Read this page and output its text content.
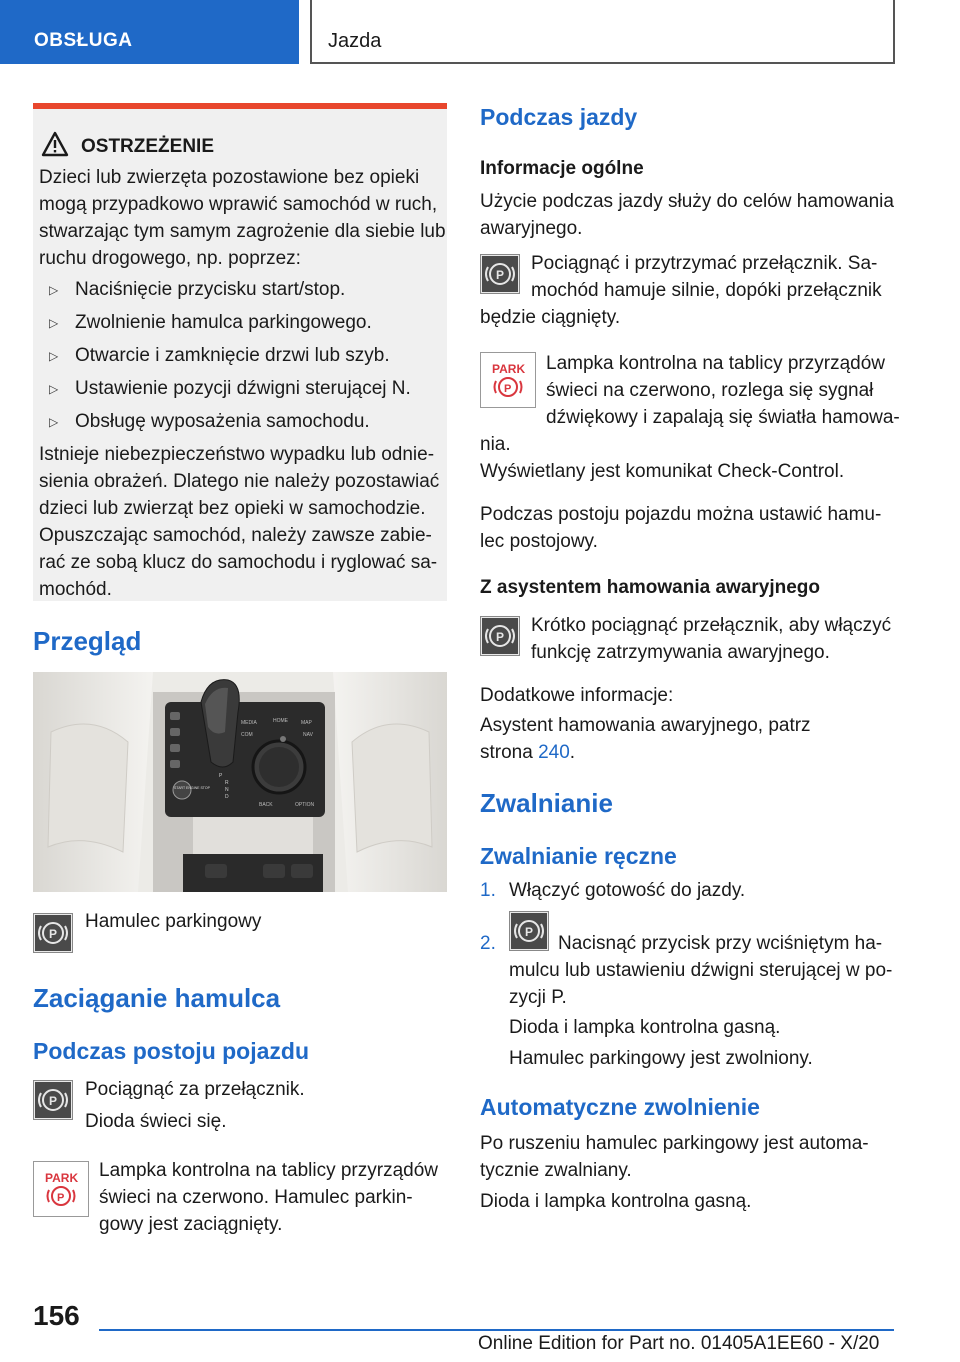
OBSŁUGA	Jazda
OSTRZEŻENIE
Dzieci lub zwierzęta pozostawione bez opieki
mogą przypadkowo wprawić samochód w ruch,
stwarzając tym samym zagrożenie dla siebie lub
ruchu drogowego, np. poprzez:
▷ Naciśnięcie przycisku start/stop.
▷ Zwolnienie hamulca parkingowego.
▷ Otwarcie i zamknięcie drzwi lub szyb.
▷ Ustawienie pozycji dźwigni sterującej N.
▷ Obsługę wyposażenia samochodu.
Istnieje niebezpieczeństwo wypadku lub odnie-
sienia obrażeń. Dlatego nie należy pozostawiać
dzieci lub zwierząt bez opieki w samochodzie.
Opuszczając samochód, należy zawsze zabie-
rać ze sobą klucz do samochodu i ryglować sa-
mochód.
Przegląd
MEDIA	HOME	MAP
COM	NAV
BACK	OPTION
START ENGINE STOP
P
R
N
D
P
Hamulec parkingowy
Zaciąganie hamulca
Podczas postoju pojazdu
P
Pociągnąć za przełącznik.
Dioda świeci się.
PARK
P
Lampka kontrolna na tablicy przyrządów
świeci na czerwono. Hamulec parkin-
gowy jest zaciągnięty.
Podczas jazdy
Informacje ogólne
Użycie podczas jazdy służy do celów hamowania
awaryjnego.
P
Pociągnąć i przytrzymać przełącznik. Sa-
mochód hamuje silnie, dopóki przełącznik
będzie ciągnięty.
PARK
P
Lampka kontrolna na tablicy przyrządów
świeci na czerwono, rozlega się sygnał
dźwiękowy i zapalają się światła hamowa-
nia.
Wyświetlany jest komunikat Check-Control.
Podczas postoju pojazdu można ustawić hamu-
lec postojowy.
Z asystentem hamowania awaryjnego
P
Krótko pociągnąć przełącznik, aby włączyć
funkcję zatrzymywania awaryjnego.
Dodatkowe informacje:
Asystent hamowania awaryjnego, patrz
strona 240.
Zwalnianie
Zwalnianie ręczne
1. Włączyć gotowość do jazdy.
2.
P
Nacisnąć przycisk przy wciśniętym ha-
mulcu lub ustawieniu dźwigni sterującej w po-
zycji P.
Dioda i lampka kontrolna gasną.
Hamulec parkingowy jest zwolniony.
Automatyczne zwolnienie
Po ruszeniu hamulec parkingowy jest automa-
tycznie zwalniany.
Dioda i lampka kontrolna gasną.
156
Online Edition for Part no. 01405A1EE60 - X/20
